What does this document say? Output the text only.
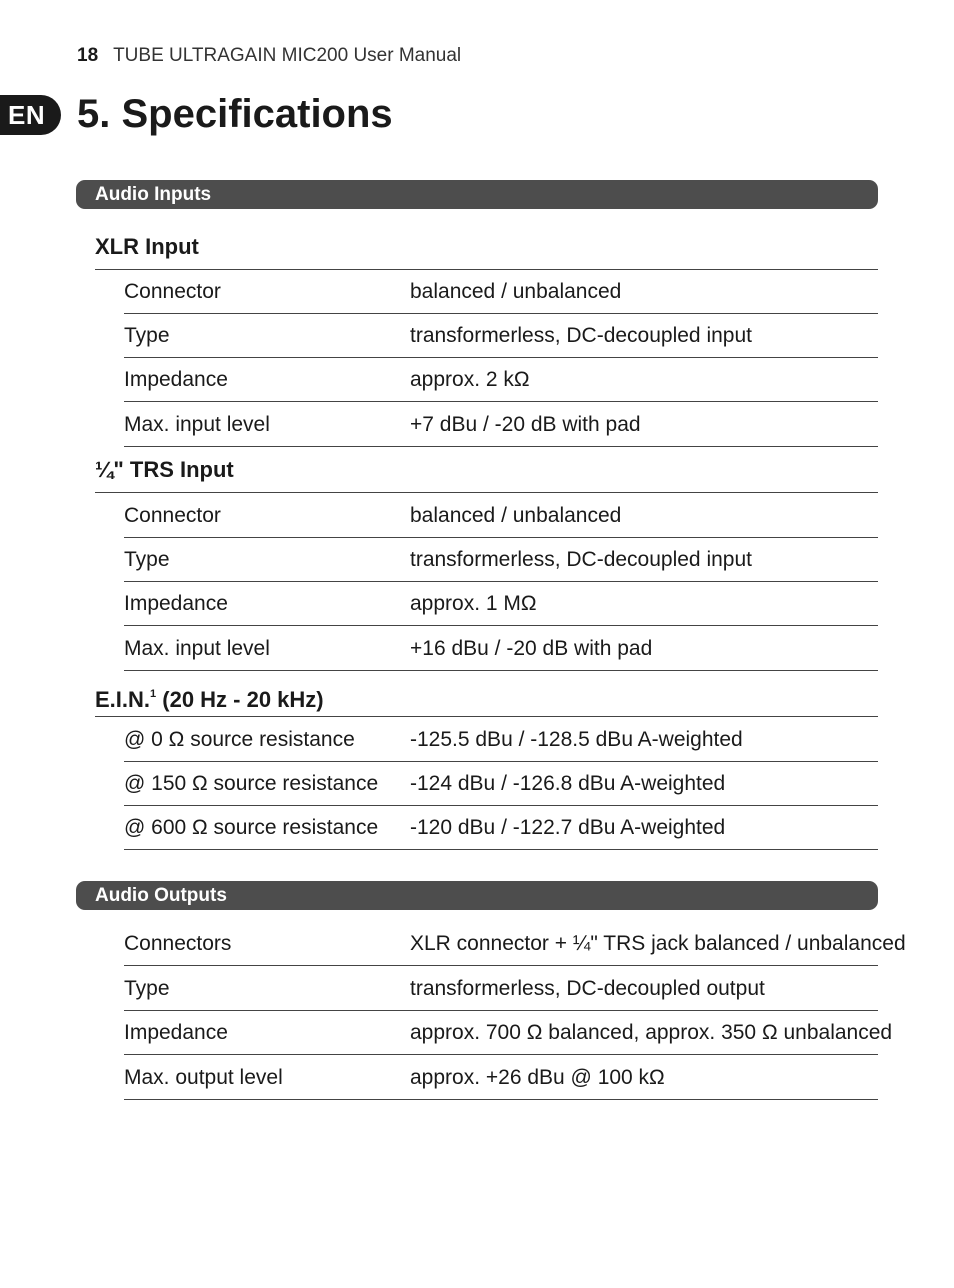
18 TUBE ULTRAGAIN MIC200 User Manual
EN 5. Specifications
Audio Inputs
XLR Input
Connector	balanced / unbalanced
Type	transformerless, DC-decoupled input
Impedance	approx. 2 kΩ
Max. input level	+7 dBu / -20 dB with pad
¼" TRS Input
Connector	balanced / unbalanced
Type	transformerless, DC-decoupled input
Impedance	approx. 1 MΩ
Max. input level	+16 dBu / -20 dB with pad
E.I.N.$^1$ (20 Hz - 20 kHz)
@ 0 Ω source resistance	-125.5 dBu / -128.5 dBu A-weighted
@ 150 Ω source resistance -124 dBu / -126.8 dBu A-weighted
@ 600 Ω source resistance -120 dBu / -122.7 dBu A-weighted
Audio Outputs
Connectors	XLR connector + ¼" TRS jack balanced / unbalanced
Type	transformerless, DC-decoupled output
Impedance	approx. 700 Ω balanced, approx. 350 Ω unbalanced
Max. output level	approx. +26 dBu @ 100 kΩ
